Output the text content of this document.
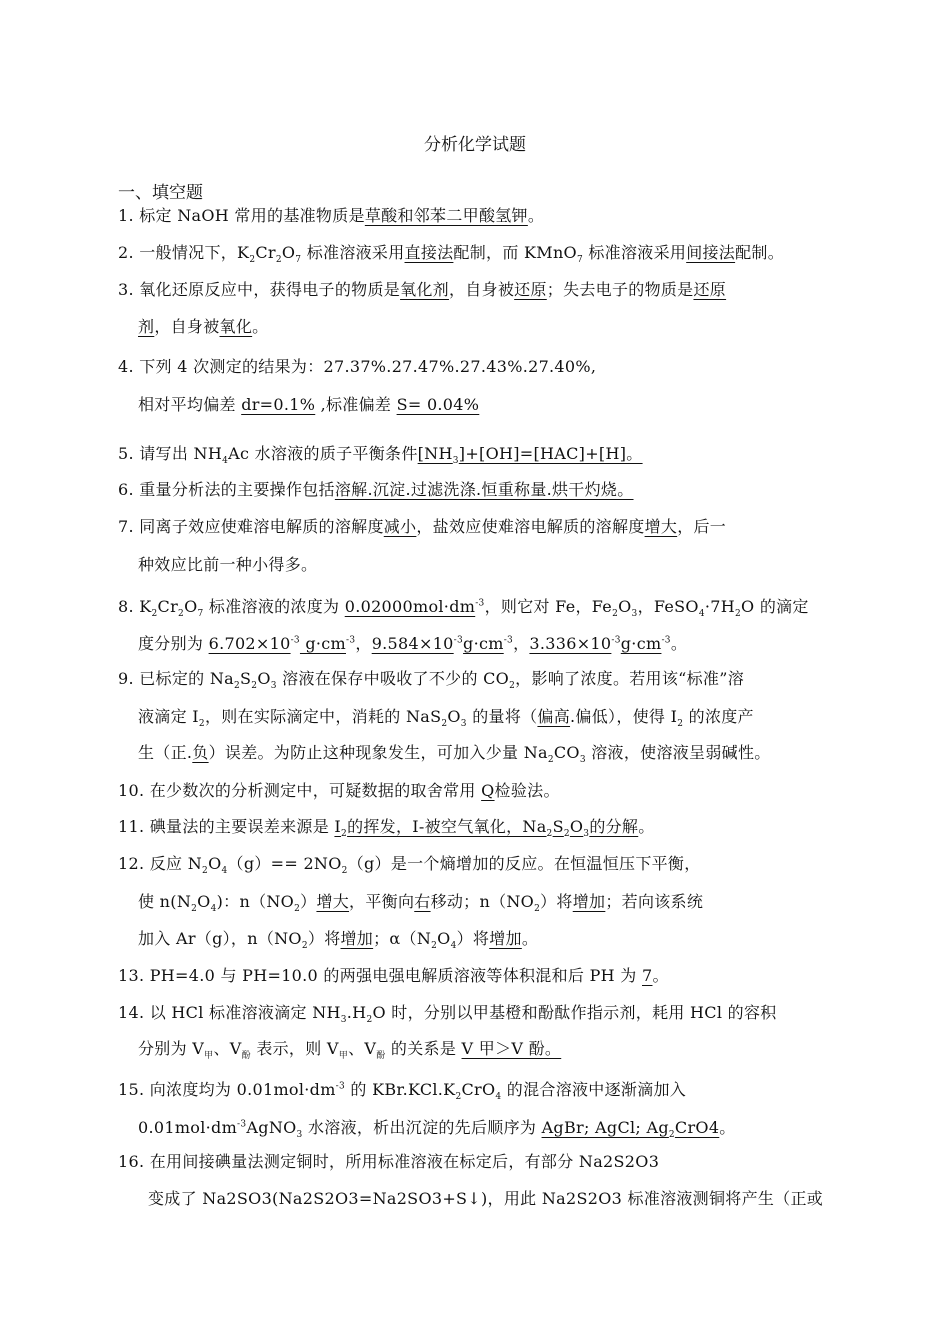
分析化学试题
一、填空题
1. 标定 NaOH 常用的基准物质是草酸和邻苯二甲酸氢钾。
2. 一般情况下，$K_2Cr_2O_7$ 标准溶液采用直接法配制，而 KMnO$_7$ 标准溶液采用间接法配制。
3. 氧化还原反应中，获得电子的物质是氧化剂，自身被还原；失去电子的物质是还原
剂，自身被氧化。
4. 下列 4 次测定的结果为：27.37%.27.47%.27.43%.27.40%,
相对平均偏差 dr=0.1% ,标准偏差 S= 0.04%
5. 请写出 $NH_4Ac$ 水溶液的质子平衡条件$[NH_3]+[OH]=[HAC]+[H]$。
6. 重量分析法的主要操作包括溶解.沉淀.过滤洗涤.恒重称量.烘干灼烧。
7. 同离子效应使难溶电解质的溶解度减小，盐效应使难溶电解质的溶解度增大，后一
种效应比前一种小得多。
8. $K_2Cr_2O_7$ 标准溶液的浓度为 $0.02000mol\cdot dm^{-3}$，则它对 Fe，$Fe_2O_3$，$FeSO_4\cdot 7H_2O$ 的滴定
度分别为 $6.702\times 10^{-3}$ $g\cdot cm^{-3}$，$9.584\times 10^{-3}g\cdot cm^{-3}$，$3.336\times 10^{-3}g\cdot cm^{-3}$。
9. 已标定的 $Na_2S_2O_3$ 溶液在保存中吸收了不少的 $CO_2$，影响了浓度。若用该“标准”溶
液滴定 $I_2$，则在实际滴定中，消耗的 $NaS_2O_3$ 的量将（偏高.偏低），使得 $I_2$ 的浓度产
生（正.负）误差。为防止这种现象发生，可加入少量 $Na_2CO_3$ 溶液，使溶液呈弱碱性。
10. 在少数次的分析测定中，可疑数据的取舍常用 Q检验法。
11. 碘量法的主要误差来源是 $I_2$的挥发，I-被空气氧化，$Na_2S_2O_3$的分解。
12. 反应 $N_2O_4(g)== 2NO_2(g)$是一个熵增加的反应。在恒温恒压下平衡，
使 $n(N_2O_4)$：$n(NO_2)$增大，平衡向右移动；$n(NO_2)$将增加；若向该系统
加入 Ar（g），$n(NO_2)$将增加；$\alpha(N_2O_4)$将增加。
13. PH=4.0 与 PH=10.0 的两强电强电解质溶液等体积混和后 PH 为 7。
14. 以 HCl 标准溶液滴定 $NH_3.H_2O$ 时，分别以甲基橙和酚酞作指示剂，耗用 HCl 的容积
分别为 $V_甲$、$V_酚$ 表示，则 $V_甲$、$V_酚$ 的关系是 V 甲＞V 酚。
15. 向浓度均为 $0.01mol\cdot dm^{-3}$ 的 $KBr.KCl.K_2CrO_4$ 的混合溶液中逐渐滴加入
$0.01mol\cdot dm^{-3}AgNO_3$ 水溶液，析出沉淀的先后顺序为 AgBr; AgCl; $Ag_2CrO4$。
16. 在用间接碘量法测定铜时，所用标准溶液在标定后，有部分 Na2S2O3
变成了 Na2SO3(Na2S2O3=Na2SO3+S↓)，用此 Na2S2O3 标准溶液测铜将产生（正或
